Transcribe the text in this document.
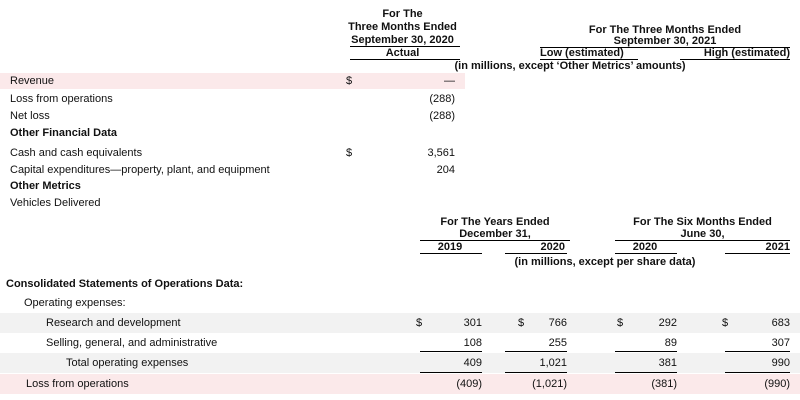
For The
Three Months Ended
September 30, 2020
Actual
For The Three Months Ended
September 30, 2021
Low (estimated)	High (estimated)
(in millions, except ‘Other Metrics’ amounts)
Revenue	$	—
Loss from operations	(288)
Net loss	(288)
Other Financial Data
Cash and cash equivalents	$	3,561
Capital expenditures—property, plant, and equipment	204
Other Metrics
Vehicles Delivered
For The Years Ended
December 31,
For The Six Months Ended
June 30,
2019	2020	2020	2021
(in millions, except per share data)
Consolidated Statements of Operations Data:
Operating expenses:
Research and development	$	301	$	766	$	292	$	683
Selling, general, and administrative	108	255	89	307
Total operating expenses	409	1,021	381	990
Loss from operations	(409)	(1,021)	(381)	(990)
